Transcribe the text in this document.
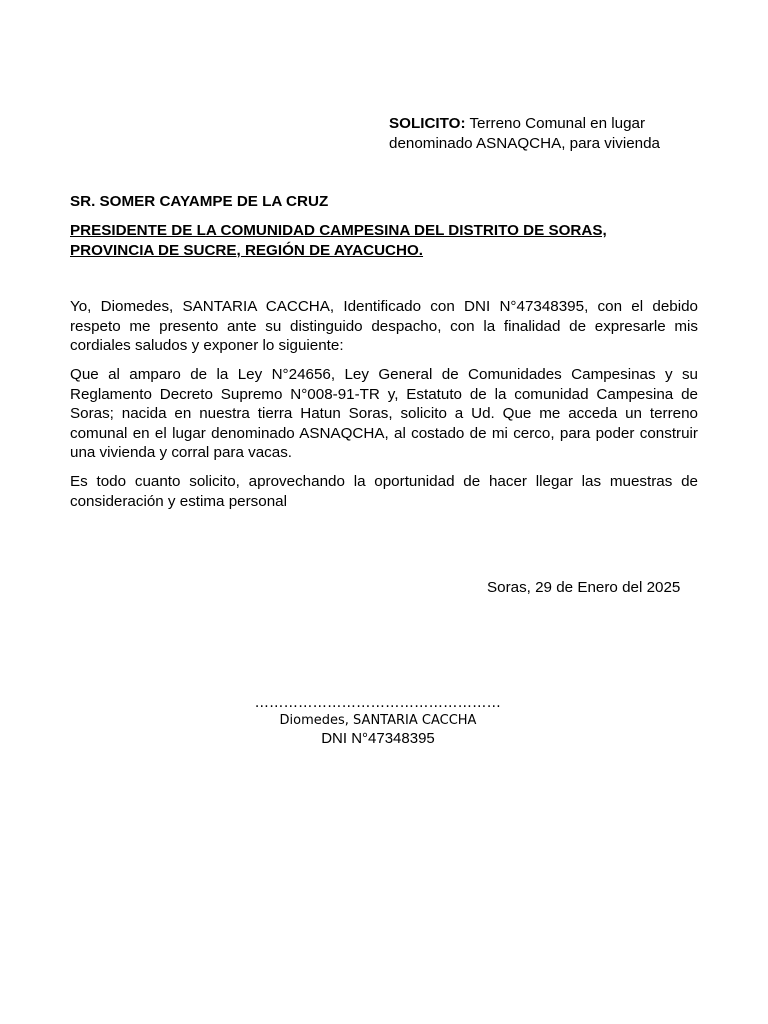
SOLICITO: Terreno Comunal en lugar
denominado ASNAQCHA, para vivienda
SR. SOMER CAYAMPE DE LA CRUZ
PRESIDENTE DE LA COMUNIDAD CAMPESINA DEL DISTRITO DE SORAS,
PROVINCIA DE SUCRE, REGIÓN DE AYACUCHO.

Yo, Diomedes, SANTARIA CACCHA, Identificado con DNI N°47348395, con el debido respeto me presento ante su distinguido despacho, con la finalidad de expresarle mis cordiales saludos y exponer lo siguiente:

Que al amparo de la Ley N°24656, Ley General de Comunidades Campesinas y su Reglamento Decreto Supremo N°008-91-TR y, Estatuto de la comunidad Campesina de Soras; nacida en nuestra tierra Hatun Soras, solicito a Ud. Que me acceda un terreno comunal en el lugar denominado ASNAQCHA, al costado de mi cerco, para poder construir una vivienda y corral para vacas.

Es todo cuanto solicito, aprovechando la oportunidad de hacer llegar las muestras de consideración y estima personal

Soras, 29 de Enero del 2025
……………………………………………
Diomedes, SANTARIA CACCHA
DNI N°47348395
